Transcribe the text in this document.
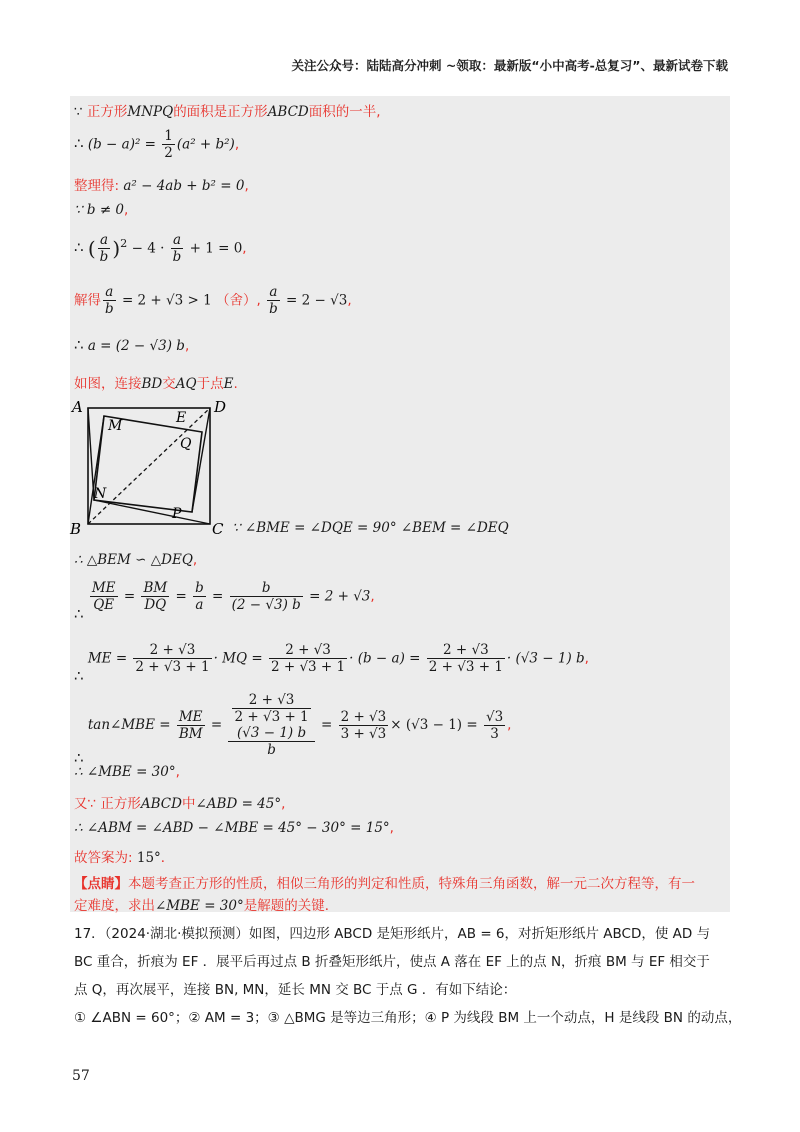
关注公众号：陆陆高分冲刺 ~领取：最新版“小中高考-总复习”、最新试卷下载
∵ 正方形MNPQ的面积是正方形ABCD面积的一半,
∴ $(b - a)^2 = \frac{1}{2} (a^2 + b^2)$,
整理得: a² − 4ab + b² = 0,
∵ b ≠ 0,
∴ ( $\frac{a}{b} )^2 - 4 \cdot \frac{a}{b} + 1 = 0$,
解得 $\frac{a}{b} = 2 + √3 > 1$ （舍）, $\frac{a}{b} = 2 - √3$,
∴ a = (2 − √3) b,
如图，连接BD交AQ于点E.
A	D
M	E
Q
N
P
B	C ∵ ∠BME = ∠DQE = 90° ∠BEM = ∠DEQ
∴ △BEM ∽ △DEQ,
∴
$\frac{ME}{QE} = \frac{BM}{DQ} = \frac{b}{a} = \frac{b}{(2 - √3) b} = 2 + √3$,
∴ ME = $\frac{2 + √3}{2 + √3 + 1}$ · MQ = $\frac{2 + √3}{2 + √3 + 1} \cdot (b - a) = \frac{2 + √3}{2 + √3 + 1} \cdot (√3 - 1)$ b,
∴ tan∠MBE = $\frac{ME}{BM} = 2 + √3$
2 + √3 + 1
(√3 − 1) b
$b = \frac{2 + √3}{3 + √3} \times (√3 - 1) = \frac{√3}{3}$ ,
∴ ∠MBE = 30°,
又∵ 正方形ABCD中∠ABD = 45°,
∴ ∠ABM = ∠ABD − ∠MBE = 45° − 30° = 15°,
故答案为: 15°．
【点睛】本题考查正方形的性质，相似三角形的判定和性质，特殊角三角函数，解一元二次方程等，有一
定难度，求出∠MBE = 30°是解题的关键．
17．（2024·湖北·模拟预测）如图，四边形 ABCD 是矩形纸片，AB = 6，对折矩形纸片 ABCD，使 AD 与
BC 重合，折痕为 EF ．展平后再过点 B 折叠矩形纸片，使点 A 落在 EF 上的点 N，折痕 BM 与 EF 相交于
点 Q，再次展平，连接 BN, MN，延长 MN 交 BC 于点 G ．有如下结论：
① ∠ABN = 60°；② AM = 3；③ △BMG 是等边三角形；④ P 为线段 BM 上一个动点，H 是线段 BN 的动点，
57
